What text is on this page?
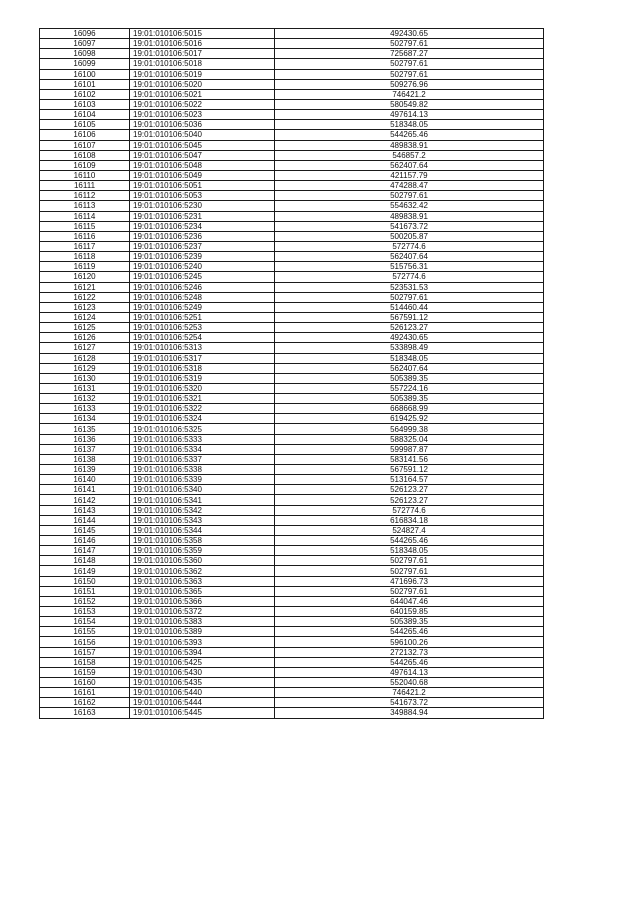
16096	19:01:010106:5015	492430.65
16097	19:01:010106:5016	502797.61
16098	19:01:010106:5017	725687.27
16099	19:01:010106:5018	502797.61
16100	19:01:010106:5019	502797.61
16101	19:01:010106:5020	509276.96
16102	19:01:010106:5021	746421.2
16103	19:01:010106:5022	580549.82
16104	19:01:010106:5023	497614.13
16105	19:01:010106:5036	518348.05
16106	19:01:010106:5040	544265.46
16107	19:01:010106:5045	489838.91
16108	19:01:010106:5047	546857.2
16109	19:01:010106:5048	562407.64
16110	19:01:010106:5049	421157.79
16111	19:01:010106:5051	474288.47
16112	19:01:010106:5053	502797.61
16113	19:01:010106:5230	554632.42
16114	19:01:010106:5231	489838.91
16115	19:01:010106:5234	541673.72
16116	19:01:010106:5236	500205.87
16117	19:01:010106:5237	572774.6
16118	19:01:010106:5239	562407.64
16119	19:01:010106:5240	515756.31
16120	19:01:010106:5245	572774.6
16121	19:01:010106:5246	523531.53
16122	19:01:010106:5248	502797.61
16123	19:01:010106:5249	514460.44
16124	19:01:010106:5251	567591.12
16125	19:01:010106:5253	526123.27
16126	19:01:010106:5254	492430.65
16127	19:01:010106:5313	533898.49
16128	19:01:010106:5317	518348.05
16129	19:01:010106:5318	562407.64
16130	19:01:010106:5319	505389.35
16131	19:01:010106:5320	557224.16
16132	19:01:010106:5321	505389.35
16133	19:01:010106:5322	668668.99
16134	19:01:010106:5324	619425.92
16135	19:01:010106:5325	564999.38
16136	19:01:010106:5333	588325.04
16137	19:01:010106:5334	599987.87
16138	19:01:010106:5337	583141.56
16139	19:01:010106:5338	567591.12
16140	19:01:010106:5339	513164.57
16141	19:01:010106:5340	526123.27
16142	19:01:010106:5341	526123.27
16143	19:01:010106:5342	572774.6
16144	19:01:010106:5343	616834.18
16145	19:01:010106:5344	524827.4
16146	19:01:010106:5358	544265.46
16147	19:01:010106:5359	518348.05
16148	19:01:010106:5360	502797.61
16149	19:01:010106:5362	502797.61
16150	19:01:010106:5363	471696.73
16151	19:01:010106:5365	502797.61
16152	19:01:010106:5366	644047.46
16153	19:01:010106:5372	640159.85
16154	19:01:010106:5383	505389.35
16155	19:01:010106:5389	544265.46
16156	19:01:010106:5393	596100.26
16157	19:01:010106:5394	272132.73
16158	19:01:010106:5425	544265.46
16159	19:01:010106:5430	497614.13
16160	19:01:010106:5435	552040.68
16161	19:01:010106:5440	746421.2
16162	19:01:010106:5444	541673.72
16163	19:01:010106:5445	349884.94
